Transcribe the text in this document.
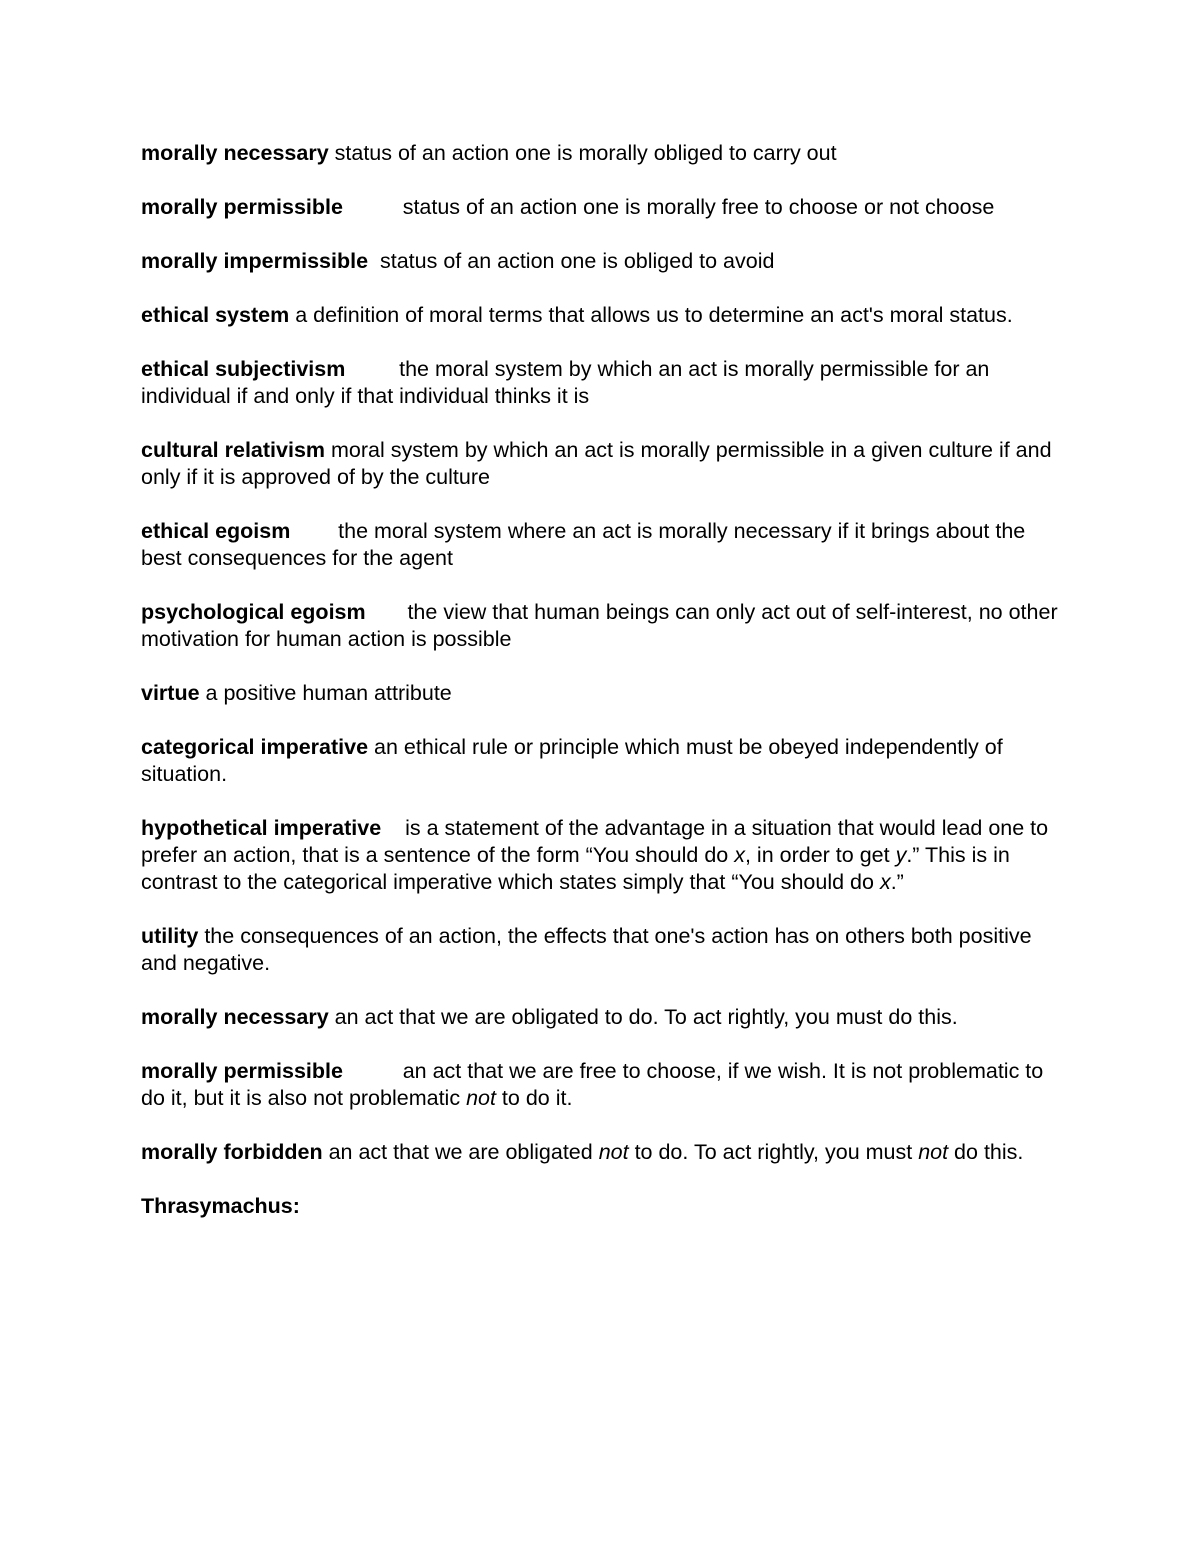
morally necessary status of an action one is morally obliged to carry out

morally permissible	status of an action one is morally free to choose or not choose

morally impermissible status of an action one is obliged to avoid

ethical system a definition of moral terms that allows us to determine an act's moral status.

ethical subjectivism	the moral system by which an act is morally permissible for an individual if and only if that individual thinks it is

cultural relativism moral system by which an act is morally permissible in a given culture if and only if it is approved of by the culture

ethical egoism the moral system where an act is morally necessary if it brings about the best consequences for the agent

psychological egoism the view that human beings can only act out of self-interest, no other motivation for human action is possible

virtue a positive human attribute

categorical imperative an ethical rule or principle which must be obeyed independently of situation.

hypothetical imperative is a statement of the advantage in a situation that would lead one to prefer an action, that is a sentence of the form “You should do x, in order to get y.” This is in contrast to the categorical imperative which states simply that “You should do x.”

utility the consequences of an action, the effects that one's action has on others both positive and negative.

morally necessary an act that we are obligated to do. To act rightly, you must do this.

morally permissible	an act that we are free to choose, if we wish. It is not problematic to do it, but it is also not problematic not to do it.

morally forbidden an act that we are obligated not to do. To act rightly, you must not do this.

Thrasymachus:
